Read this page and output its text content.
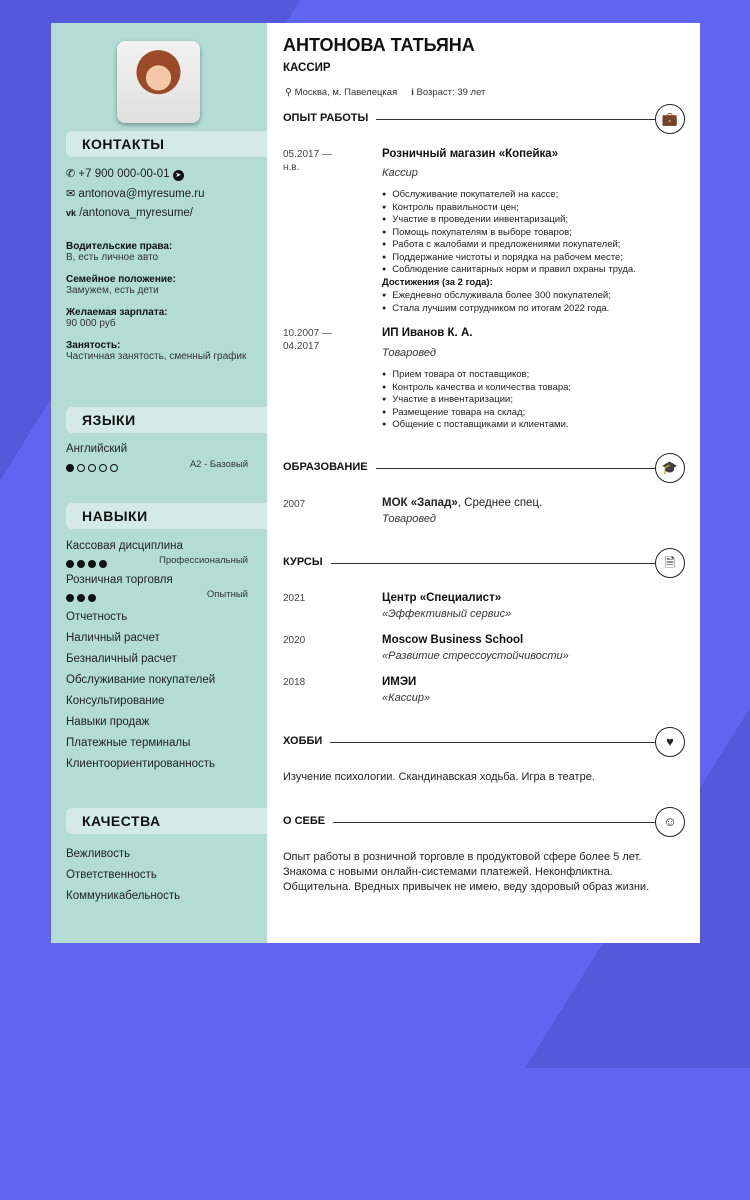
КОНТАКТЫ
✆ +7 900 000-00-01 ➤
✉ antonova@myresume.ru
vk /antonova_myresume/
Водительские права:
B, есть личное авто
Семейное положение:
Замужем, есть дети
Желаемая зарплата:
90 000 руб
Занятость:
Частичная занятость, сменный график
ЯЗЫКИ
Английский
A2 - Базовый
НАВЫКИ
Кассовая дисциплина
Профессиональный
Розничная торговля
Опытный
Отчетность
Наличный расчет
Безналичный расчет
Обслуживание покупателей
Консультирование
Навыки продаж
Платежные терминалы
Клиентоориентированность
КАЧЕСТВА
Вежливость
Ответственность
Коммуникабельность
АНТОНОВА ТАТЬЯНА
КАССИР
⚲ Москва, м. Павелецкая i Возраст: 39 лет
ОПЫТ РАБОТЫ	💼
05.2017 —
н.в.
Розничный магазин «Копейка»
Кассир
● Обслуживание покупателей на кассе;
● Контроль правильности цен;
● Участие в проведении инвентаризаций;
● Помощь покупателям в выборе товаров;
● Работа с жалобами и предложениями покупателей;
● Поддержание чистоты и порядка на рабочем месте;
● Соблюдение санитарных норм и правил охраны труда.
Достижения (за 2 года):
● Ежедневно обслуживала более 300 покупателей;
● Стала лучшим сотрудником по итогам 2022 года.
10.2007 —
04.2017
ИП Иванов К. А.
Товаровед
● Прием товара от поставщиков;
● Контроль качества и количества товара;
● Участие в инвентаризации;
● Размещение товара на склад;
● Общение с поставщиками и клиентами.
ОБРАЗОВАНИЕ	🎓
2007	МОК «Запад», Среднее спец.
Товаровед
КУРСЫ	🗎
2021	Центр «Специалист»
«Эффективный сервис»
2020	Moscow Business School
«Развитие стрессоустойчивости»
2018	ИМЭИ
«Кассир»
ХОББИ	♥
Изучение психологии. Скандинавская ходьба. Игра в театре.
О СЕБЕ	☺
Опыт работы в розничной торговле в продуктовой сфере более 5 лет. Знакома с новыми онлайн-системами платежей. Неконфликтна. Общительна. Вредных привычек не имею, веду здоровый образ жизни.
